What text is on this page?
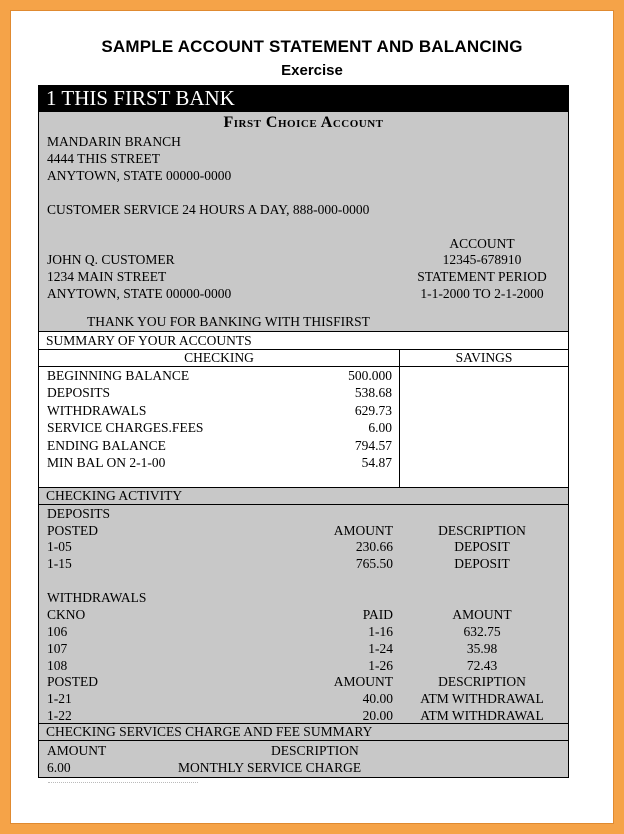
SAMPLE ACCOUNT STATEMENT AND BALANCING
Exercise
1 THIS FIRST BANK
First Choice Account
MANDARIN BRANCH
4444 THIS STREET
ANYTOWN, STATE 00000-0000
CUSTOMER SERVICE 24 HOURS A DAY, 888-000-0000
JOHN Q. CUSTOMER
1234 MAIN STREET
ANYTOWN, STATE 00000-0000
ACCOUNT
12345-678910
STATEMENT PERIOD
1-1-2000 TO 2-1-2000
THANK YOU FOR BANKING WITH THISFIRST
SUMMARY OF YOUR ACCOUNTS
CHECKING
BEGINNING BALANCE	500.000
DEPOSITS	538.68
WITHDRAWALS	629.73
SERVICE CHARGES.FEES	6.00
ENDING BALANCE	794.57
MIN BAL ON 2-1-00	54.87
SAVINGS
CHECKING ACTIVITY
DEPOSITS
POSTED	AMOUNT	DESCRIPTION
1-05	230.66	DEPOSIT
1-15	765.50	DEPOSIT
WITHDRAWALS
CKNO	PAID	AMOUNT
106	1-16	632.75
107	1-24	35.98
108	1-26	72.43
POSTED	AMOUNT	DESCRIPTION
1-21	40.00	ATM WITHDRAWAL
1-22	20.00	ATM WITHDRAWAL
CHECKING SERVICES CHARGE AND FEE SUMMARY
AMOUNT	DESCRIPTION
6.00	MONTHLY SERVICE CHARGE
